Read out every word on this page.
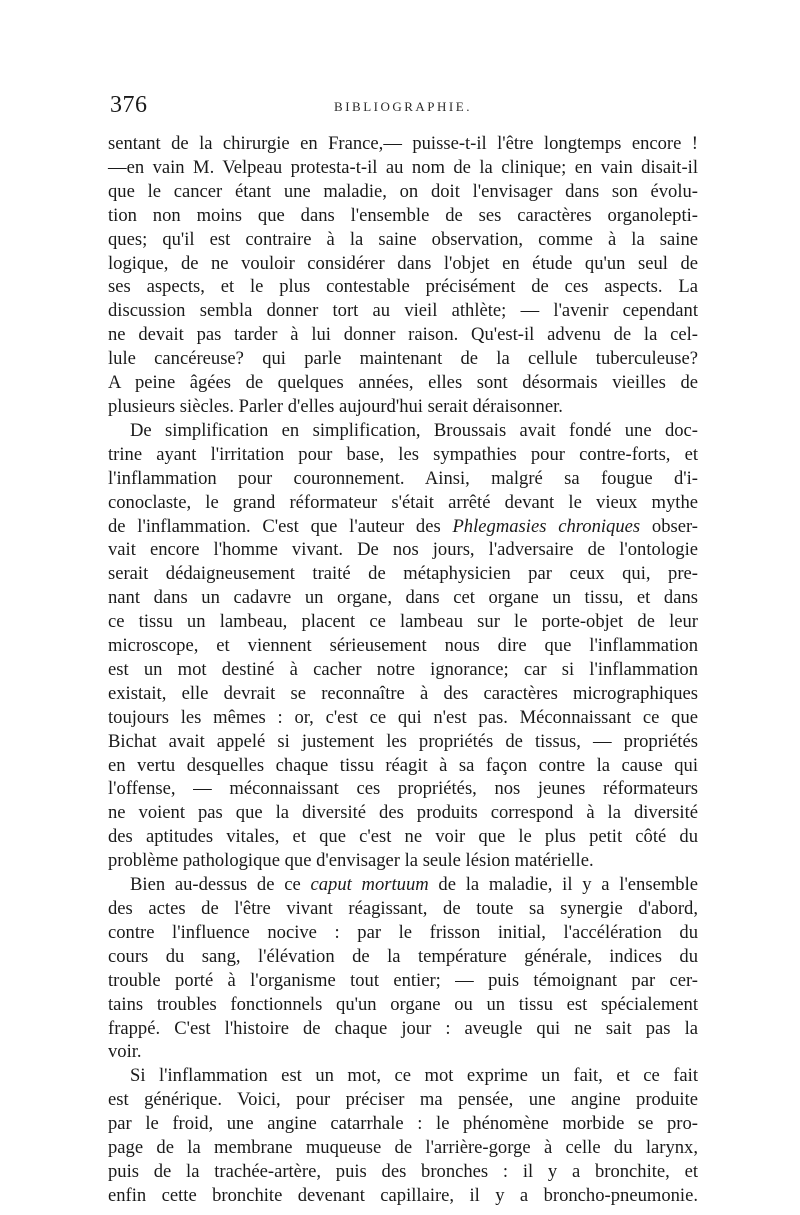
376	BIBLIOGRAPHIE.
sentant de la chirurgie en France,— puisse-t-il l'être longtemps encore !
—en vain M. Velpeau protesta-t-il au nom de la clinique; en vain disait-il
que le cancer étant une maladie, on doit l'envisager dans son évolu-
tion non moins que dans l'ensemble de ses caractères organolepti-
ques; qu'il est contraire à la saine observation, comme à la saine
logique, de ne vouloir considérer dans l'objet en étude qu'un seul de
ses aspects, et le plus contestable précisément de ces aspects. La
discussion sembla donner tort au vieil athlète; — l'avenir cependant
ne devait pas tarder à lui donner raison. Qu'est-il advenu de la cel-
lule cancéreuse? qui parle maintenant de la cellule tuberculeuse?
A peine âgées de quelques années, elles sont désormais vieilles de
plusieurs siècles. Parler d'elles aujourd'hui serait déraisonner.
De simplification en simplification, Broussais avait fondé une doc-
trine ayant l'irritation pour base, les sympathies pour contre-forts, et
l'inflammation pour couronnement. Ainsi, malgré sa fougue d'i-
conoclaste, le grand réformateur s'était arrêté devant le vieux mythe
de l'inflammation. C'est que l'auteur des Phlegmasies chroniques obser-
vait encore l'homme vivant. De nos jours, l'adversaire de l'ontologie
serait dédaigneusement traité de métaphysicien par ceux qui, pre-
nant dans un cadavre un organe, dans cet organe un tissu, et dans
ce tissu un lambeau, placent ce lambeau sur le porte-objet de leur
microscope, et viennent sérieusement nous dire que l'inflammation
est un mot destiné à cacher notre ignorance; car si l'inflammation
existait, elle devrait se reconnaître à des caractères micrographiques
toujours les mêmes : or, c'est ce qui n'est pas. Méconnaissant ce que
Bichat avait appelé si justement les propriétés de tissus, — propriétés
en vertu desquelles chaque tissu réagit à sa façon contre la cause qui
l'offense, — méconnaissant ces propriétés, nos jeunes réformateurs
ne voient pas que la diversité des produits correspond à la diversité
des aptitudes vitales, et que c'est ne voir que le plus petit côté du
problème pathologique que d'envisager la seule lésion matérielle.
Bien au-dessus de ce caput mortuum de la maladie, il y a l'ensemble
des actes de l'être vivant réagissant, de toute sa synergie d'abord,
contre l'influence nocive : par le frisson initial, l'accélération du
cours du sang, l'élévation de la température générale, indices du
trouble porté à l'organisme tout entier; — puis témoignant par cer-
tains troubles fonctionnels qu'un organe ou un tissu est spécialement
frappé. C'est l'histoire de chaque jour : aveugle qui ne sait pas la
voir.
Si l'inflammation est un mot, ce mot exprime un fait, et ce fait
est générique. Voici, pour préciser ma pensée, une angine produite
par le froid, une angine catarrhale : le phénomène morbide se pro-
page de la membrane muqueuse de l'arrière-gorge à celle du larynx,
puis de la trachée-artère, puis des bronches : il y a bronchite, et
enfin cette bronchite devenant capillaire, il y a broncho-pneumonie.
